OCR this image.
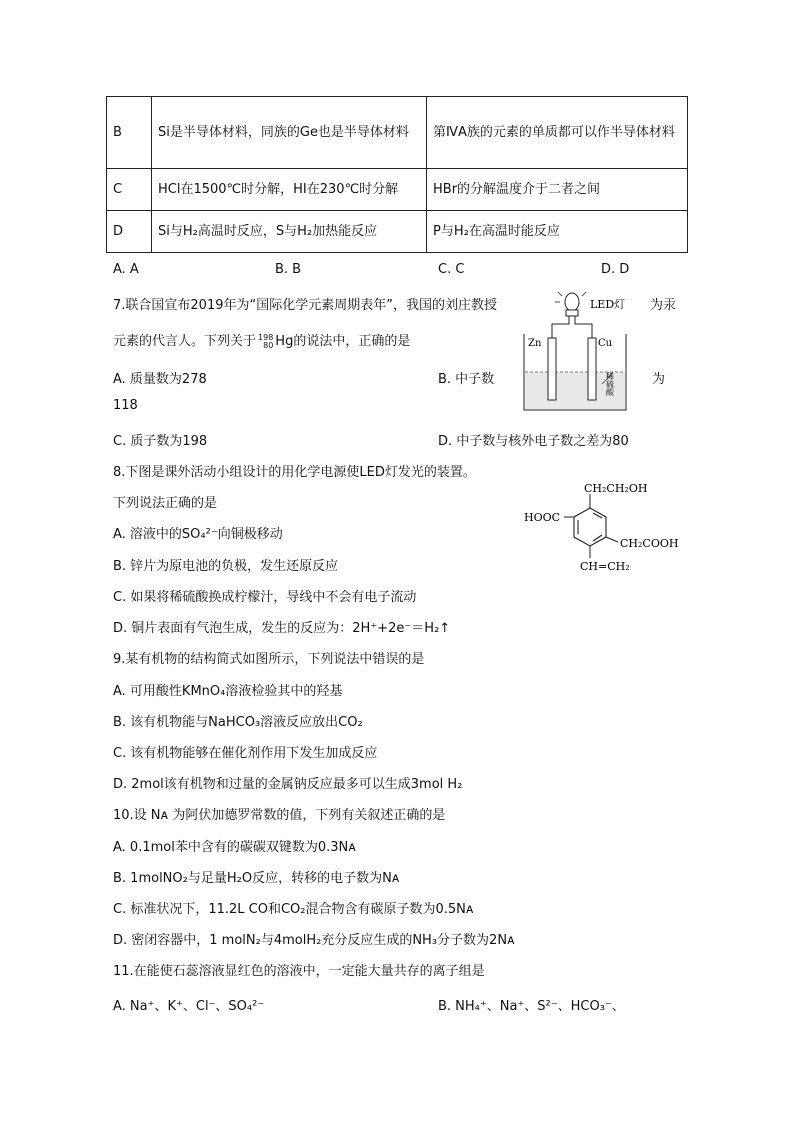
B	Si是半导体材料，同族的Ge也是半导体材料	第ⅣA族的元素的单质都可以作半导体材料
C	HCl在1500℃时分解，HI在230℃时分解	HBr的分解温度介于二者之间
D	Si与H₂高温时反应，S与H₂加热能反应	P与H₂在高温时能反应
A. A	B. B	C. C	D. D
7.联合国宣布2019年为“国际化学元素周期表年”，我国的刘庄教授	为汞
元素的代言人。下列关于 198
80 Hg的说法中，正确的是
A. 质量数为278	B. 中子数	为
118
C. 质子数为198	D. 中子数与核外电子数之差为80
8.下图是课外活动小组设计的用化学电源使LED灯发光的装置。
下列说法正确的是
A. 溶液中的SO₄²⁻向铜极移动
B. 锌片为原电池的负极，发生还原反应
C. 如果将稀硫酸换成柠檬汁，导线中不会有电子流动
D. 铜片表面有气泡生成，发生的反应为：2H⁺+2e⁻＝H₂↑
9.某有机物的结构简式如图所示，下列说法中错误的是
A. 可用酸性KMnO₄溶液检验其中的羟基
B. 该有机物能与NaHCO₃溶液反应放出CO₂
C. 该有机物能够在催化剂作用下发生加成反应
D. 2mol该有机物和过量的金属钠反应最多可以生成3mol H₂
10.设 Nᴀ 为阿伏加德罗常数的值，下列有关叙述正确的是
A. 0.1mol苯中含有的碳碳双键数为0.3Nᴀ
B. 1molNO₂与足量H₂O反应，转移的电子数为Nᴀ
C. 标准状况下，11.2L CO和CO₂混合物含有碳原子数为0.5Nᴀ
D. 密闭容器中，1 molN₂与4molH₂充分反应生成的NH₃分子数为2Nᴀ
11.在能使石蕊溶液显红色的溶液中，一定能大量共存的离子组是
A. Na⁺、K⁺、Cl⁻、SO₄²⁻	B. NH₄⁺、Na⁺、S²⁻、HCO₃⁻、
LED灯
Zn	Cu
稀硫酸
CH₂CH₂OH
HOOC
CH₂COOH
CH=CH₂
